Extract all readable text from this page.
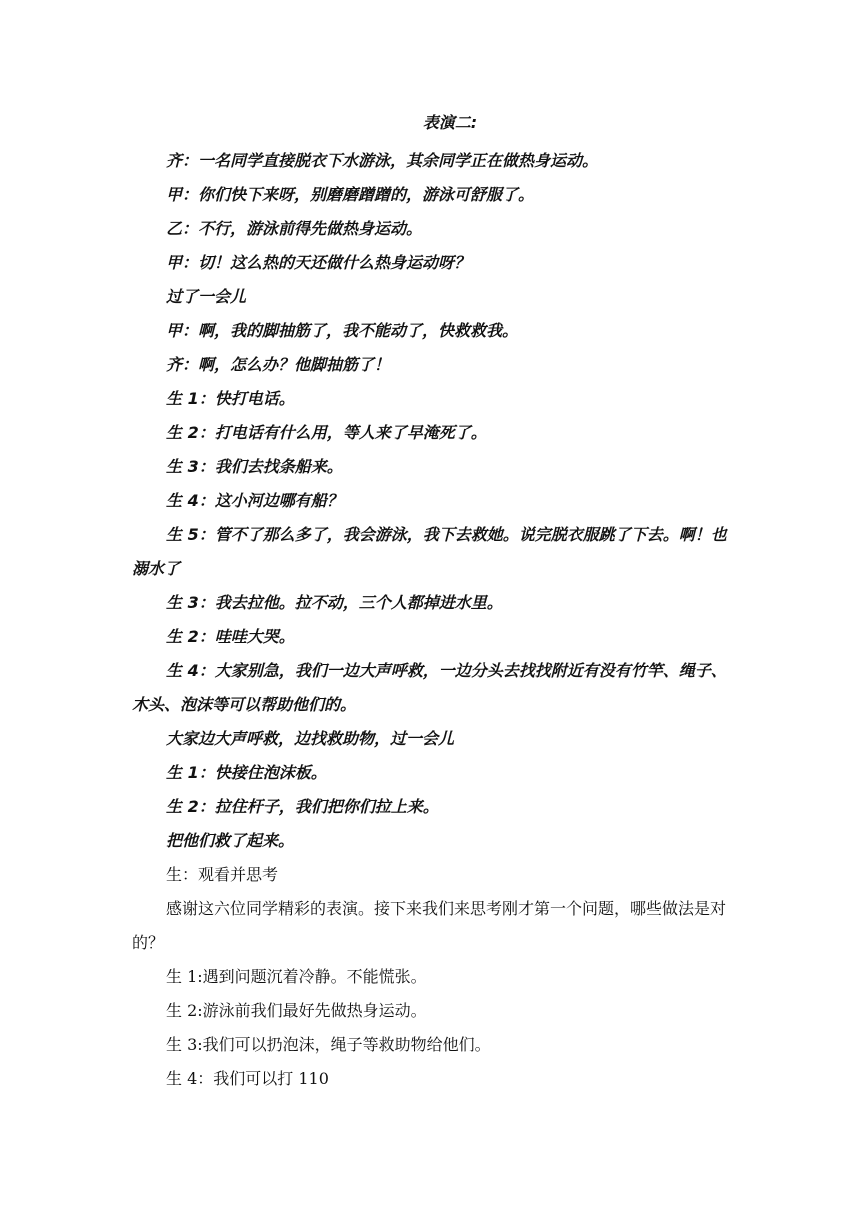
表演二:

齐：一名同学直接脱衣下水游泳，其余同学正在做热身运动。

甲：你们快下来呀，别磨磨蹭蹭的，游泳可舒服了。

乙：不行，游泳前得先做热身运动。

甲：切！这么热的天还做什么热身运动呀？

过了一会儿

甲：啊，我的脚抽筋了，我不能动了，快救救我。

齐：啊，怎么办？他脚抽筋了！

生 1：快打电话。

生 2：打电话有什么用，等人来了早淹死了。

生 3：我们去找条船来。

生 4：这小河边哪有船？

生 5：管不了那么多了，我会游泳，我下去救她。说完脱衣服跳了下去。啊！也溺水了

生 3：我去拉他。拉不动，三个人都掉进水里。

生 2：哇哇大哭。

生 4：大家别急，我们一边大声呼救，一边分头去找找附近有没有竹竿、绳子、木头、泡沫等可以帮助他们的。

大家边大声呼救，边找救助物，过一会儿

生 1：快接住泡沫板。

生 2：拉住杆子，我们把你们拉上来。

把他们救了起来。

生：观看并思考

感谢这六位同学精彩的表演。接下来我们来思考刚才第一个问题，哪些做法是对的？

生 1:遇到问题沉着冷静。不能慌张。

生 2:游泳前我们最好先做热身运动。

生 3:我们可以扔泡沫，绳子等救助物给他们。

生 4：我们可以打 110
